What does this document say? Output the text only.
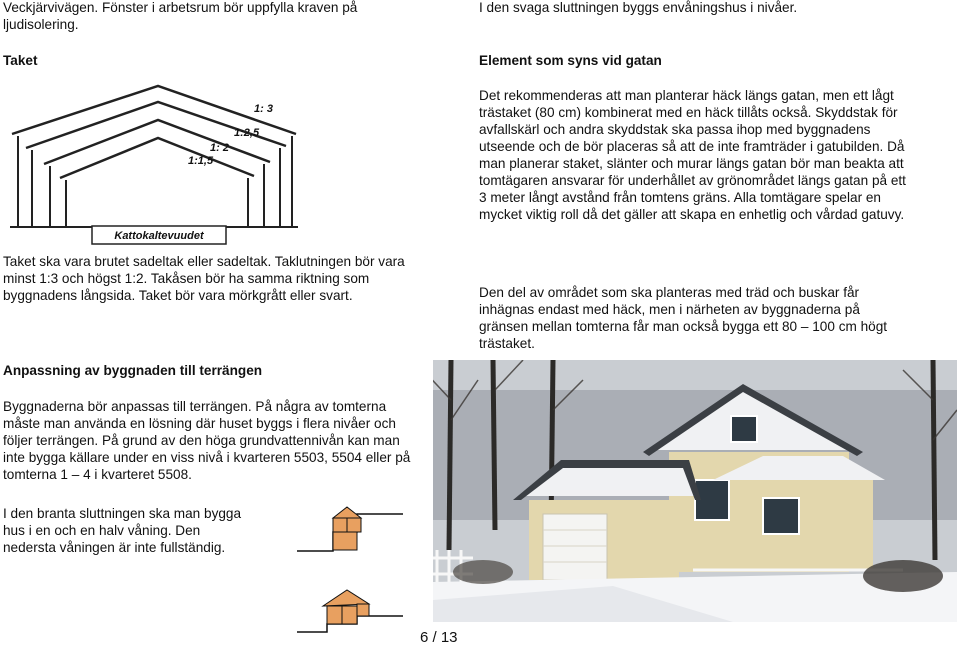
Veckjärvivägen. Fönster i arbetsrum bör uppfylla kraven på ljudisolering.

Taket

Taket ska vara brutet sadeltak eller sadeltak. Taklutningen bör vara minst 1:3 och högst 1:2. Takåsen bör ha samma riktning som byggnadens långsida. Taket bör vara mörkgrått eller svart.

Anpassning av byggnaden till terrängen

Byggnaderna bör anpassas till terrängen. På några av tomterna måste man använda en lösning där huset byggs i flera nivåer och följer terrängen. På grund av den höga grundvattennivån kan man inte bygga källare under en viss nivå i kvarteren 5503, 5504 eller på tomterna 1 – 4 i kvarteret 5508.

I den branta sluttningen ska man bygga hus i en och en halv våning. Den nedersta våningen är inte fullständig.

Kattokaltevuudet
1: 3
1:2,5
1: 2
1:1,5

I den svaga sluttningen byggs envåningshus i nivåer.

Element som syns vid gatan

Det rekommenderas att man planterar häck längs gatan, men ett lågt trästaket (80 cm) kombinerat med en häck tillåts också. Skyddstak för avfallskärl och andra skyddstak ska passa ihop med byggnadens utseende och de bör placeras så att de inte framträder i gatubilden. Då man planerar staket, slänter och murar längs gatan bör man beakta att tomtägaren ansvarar för underhållet av grönområdet längs gatan på ett 3 meter långt avstånd från tomtens gräns. Alla tomtägare spelar en mycket viktig roll då det gäller att skapa en enhetlig och vårdad gatuvy.

Den del av området som ska planteras med träd och buskar får inhägnas endast med häck, men i närheten av byggnaderna på gränsen mellan tomterna får man också bygga ett 80 – 100 cm högt trästaket.

6 / 13
